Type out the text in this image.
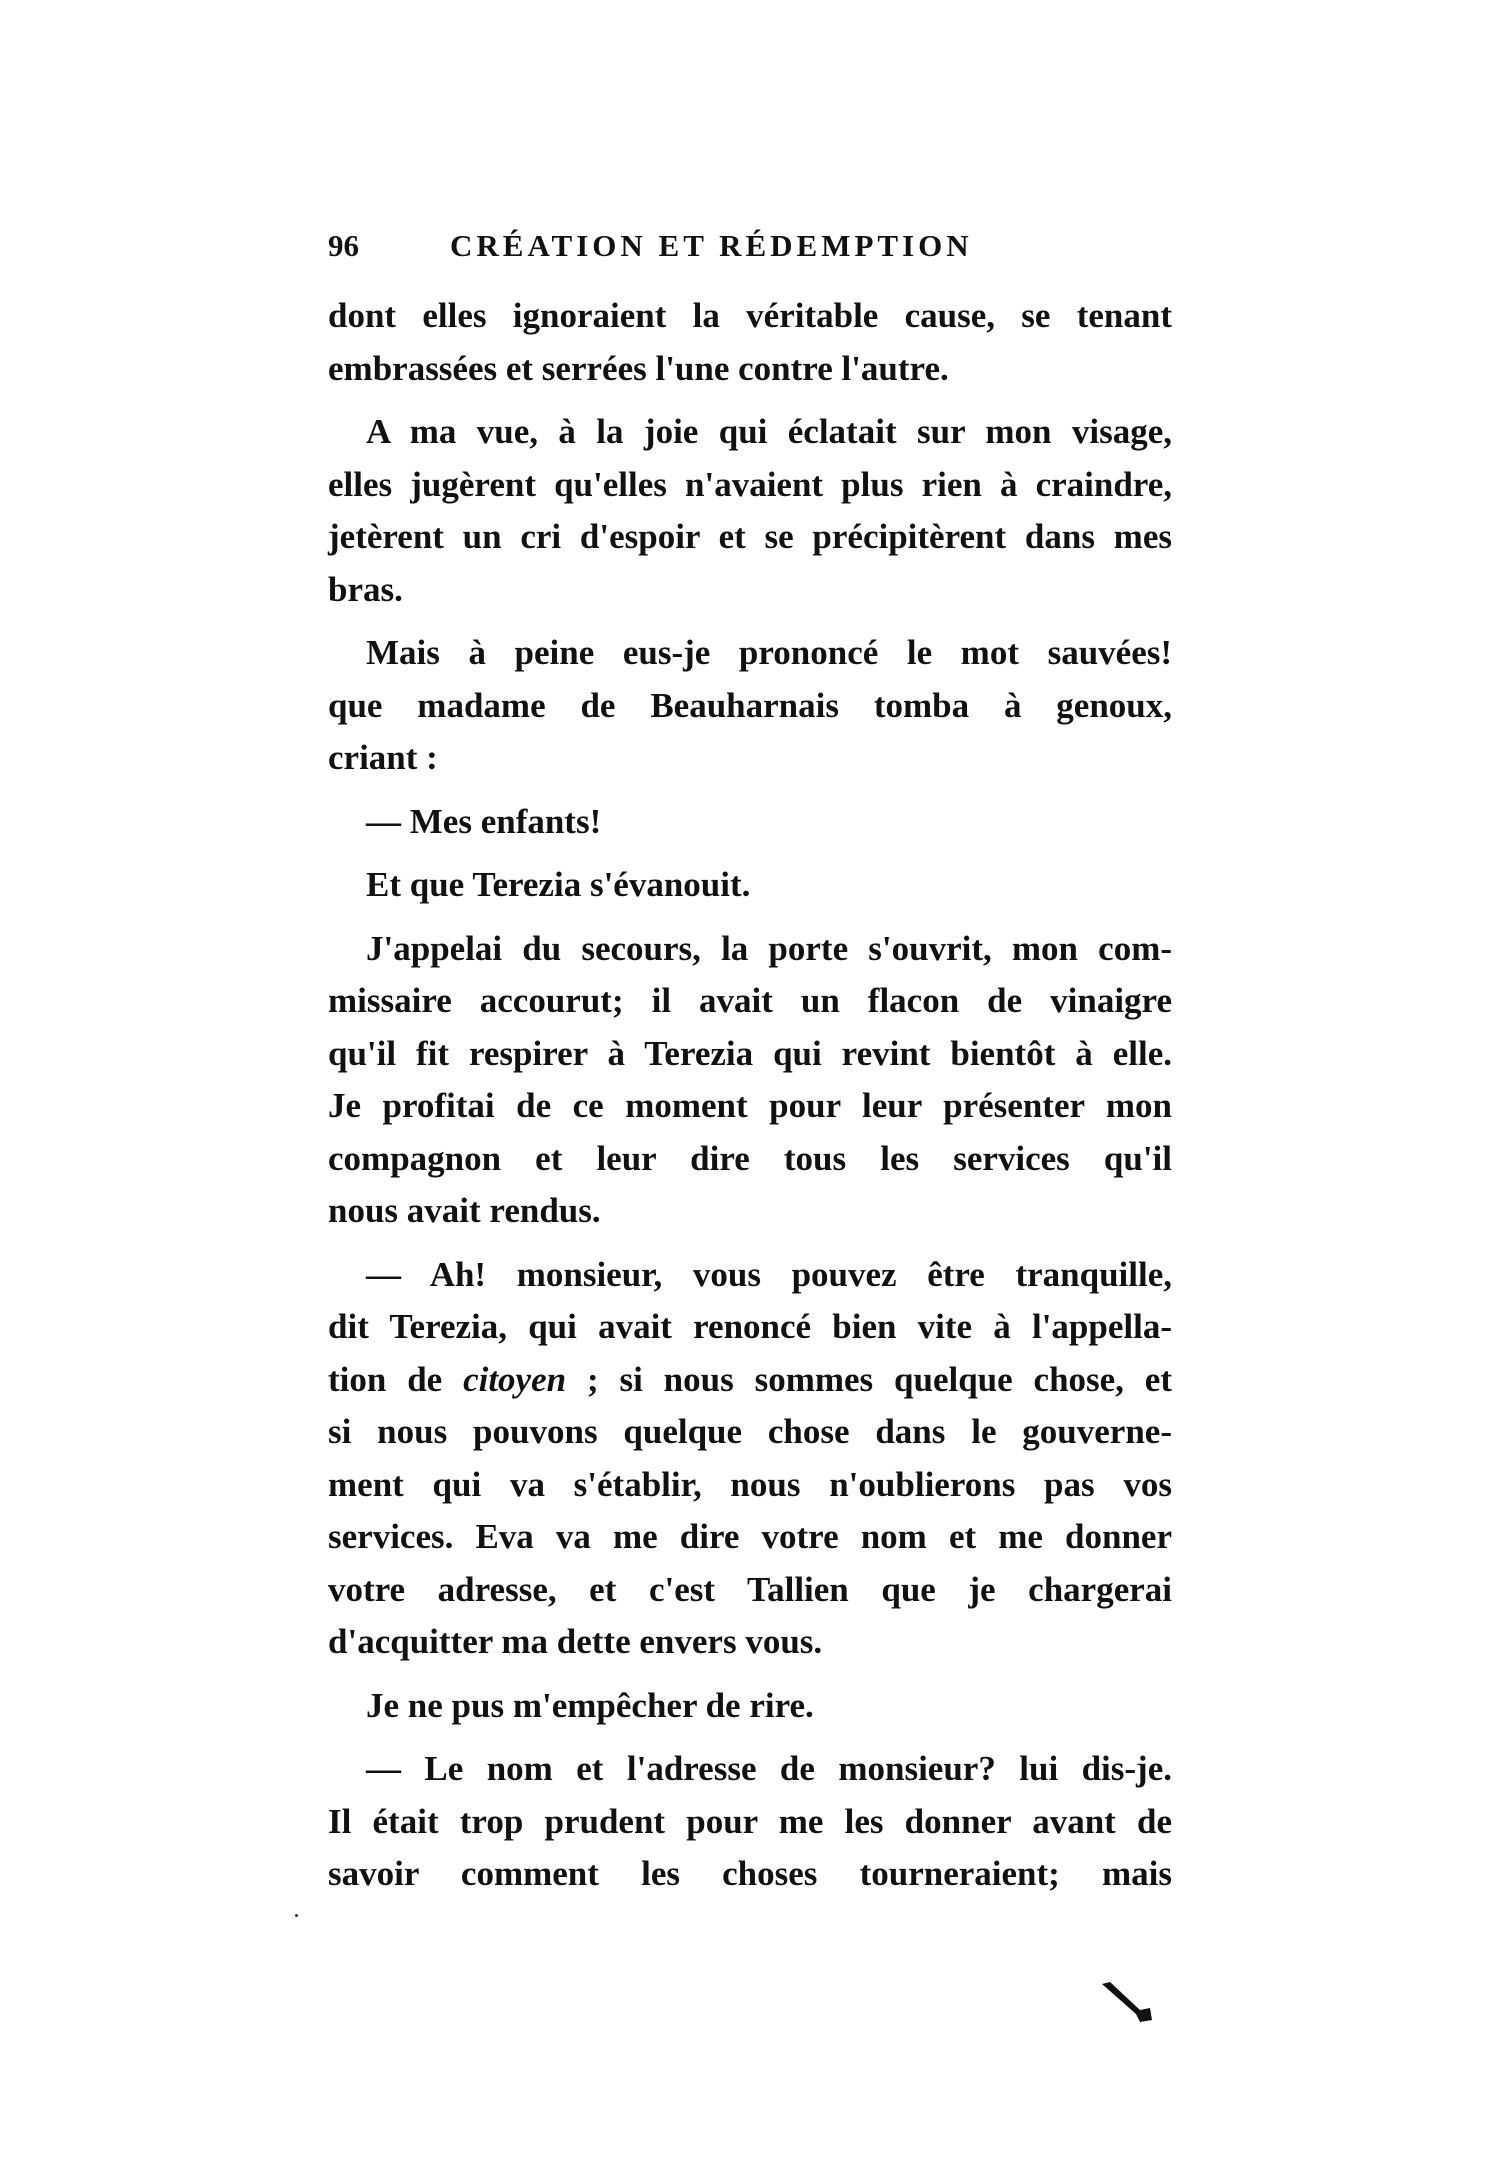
96	CRÉATION ET RÉDEMPTION
dont elles ignoraient la véritable cause, se tenant
embrassées et serrées l'une contre l'autre.
A ma vue, à la joie qui éclatait sur mon visage,
elles jugèrent qu'elles n'avaient plus rien à craindre,
jetèrent un cri d'espoir et se précipitèrent dans mes
bras.
Mais à peine eus-je prononcé le mot sauvées!
que madame de Beauharnais tomba à genoux,
criant :
— Mes enfants!
Et que Terezia s'évanouit.
J'appelai du secours, la porte s'ouvrit, mon com-
missaire accourut; il avait un flacon de vinaigre
qu'il fit respirer à Terezia qui revint bientôt à elle.
Je profitai de ce moment pour leur présenter mon
compagnon et leur dire tous les services qu'il
nous avait rendus.
— Ah! monsieur, vous pouvez être tranquille,
dit Terezia, qui avait renoncé bien vite à l'appella-
tion de citoyen ; si nous sommes quelque chose, et
si nous pouvons quelque chose dans le gouverne-
ment qui va s'établir, nous n'oublierons pas vos
services. Eva va me dire votre nom et me donner
votre adresse, et c'est Tallien que je chargerai
d'acquitter ma dette envers vous.
Je ne pus m'empêcher de rire.
— Le nom et l'adresse de monsieur? lui dis-je.
Il était trop prudent pour me les donner avant de
savoir comment les choses tourneraient; mais
